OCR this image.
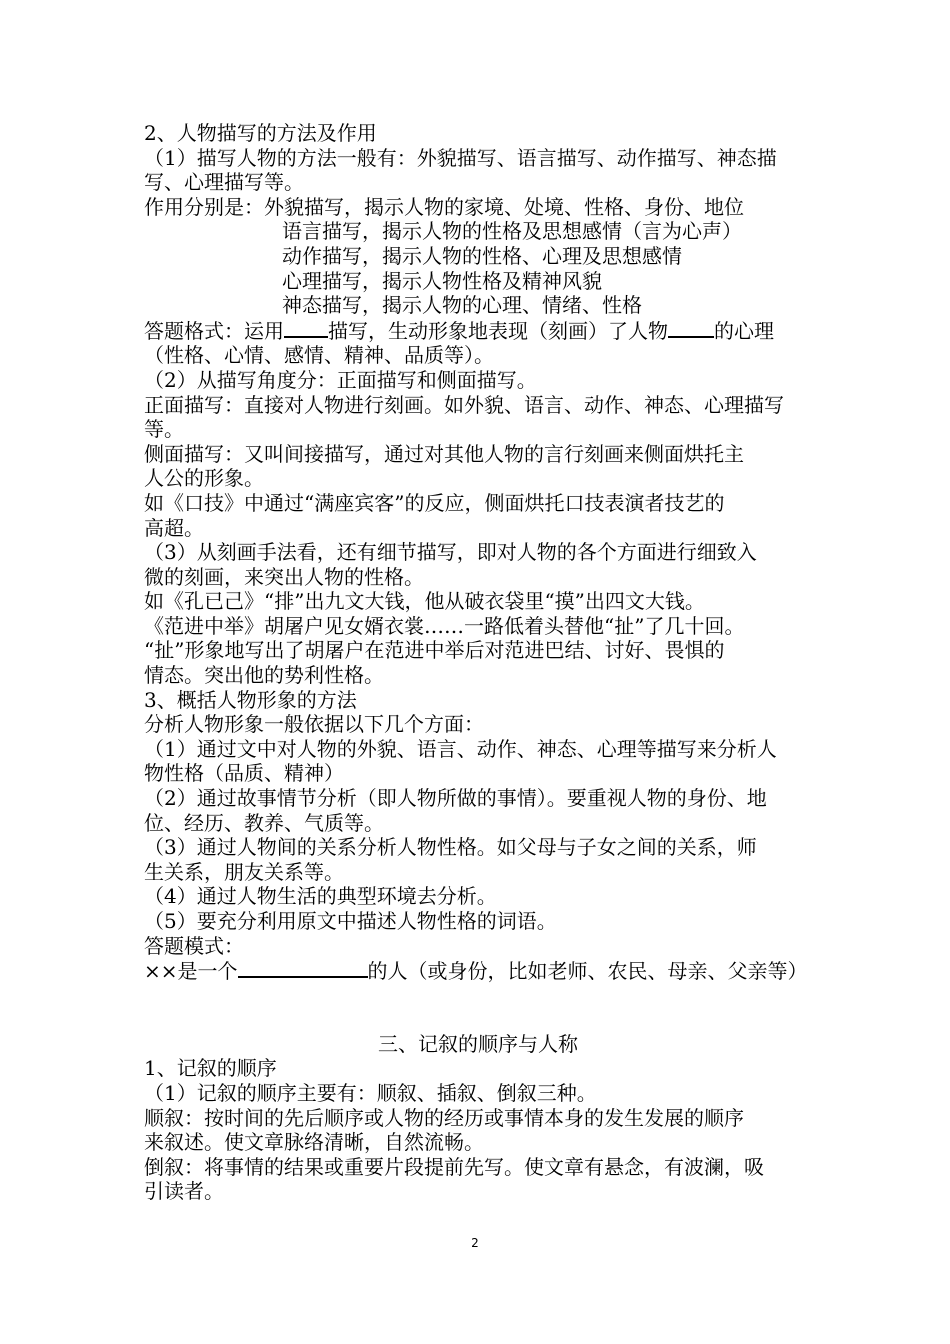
2、人物描写的方法及作用
（1）描写人物的方法一般有：外貌描写、语言描写、动作描写、神态描写、心理描写等。
作用分别是：外貌描写，揭示人物的家境、处境、性格、身份、地位
语言描写，揭示人物的性格及思想感情（言为心声）
动作描写，揭示人物的性格、心理及思想感情
心理描写，揭示人物性格及精神风貌
神态描写，揭示人物的心理、情绪、性格
答题格式：运用 描写，生动形象地表现（刻画）了人物 的心理
（性格、心情、感情、精神、品质等）。
（2）从描写角度分：正面描写和侧面描写。
正面描写：直接对人物进行刻画。如外貌、语言、动作、神态、心理描写
等。
侧面描写：又叫间接描写，通过对其他人物的言行刻画来侧面烘托主
人公的形象。
如《口技》中通过“满座宾客”的反应，侧面烘托口技表演者技艺的
高超。
（3）从刻画手法看，还有细节描写，即对人物的各个方面进行细致入
微的刻画，来突出人物的性格。
如《孔已己》“排”出九文大钱，他从破衣袋里“摸”出四文大钱。
《范进中举》胡屠户见女婿衣裳……一路低着头替他“扯”了几十回。
“扯”形象地写出了胡屠户在范进中举后对范进巴结、讨好、畏惧的
情态。突出他的势利性格。
3、概括人物形象的方法
分析人物形象一般依据以下几个方面：
（1）通过文中对人物的外貌、语言、动作、神态、心理等描写来分析人
物性格（品质、精神）
（2）通过故事情节分析（即人物所做的事情）。要重视人物的身份、地
位、经历、教养、气质等。
（3）通过人物间的关系分析人物性格。如父母与子女之间的关系，师
生关系，朋友关系等。
（4）通过人物生活的典型环境去分析。
（5）要充分利用原文中描述人物性格的词语。
答题模式：
××是一个	的人（或身份，比如老师、农民、母亲、父亲等）
三、记叙的顺序与人称
1、记叙的顺序
（1）记叙的顺序主要有：顺叙、插叙、倒叙三种。
顺叙：按时间的先后顺序或人物的经历或事情本身的发生发展的顺序
来叙述。使文章脉络清晰，自然流畅。
倒叙：将事情的结果或重要片段提前先写。使文章有悬念，有波澜，吸
引读者。
2
